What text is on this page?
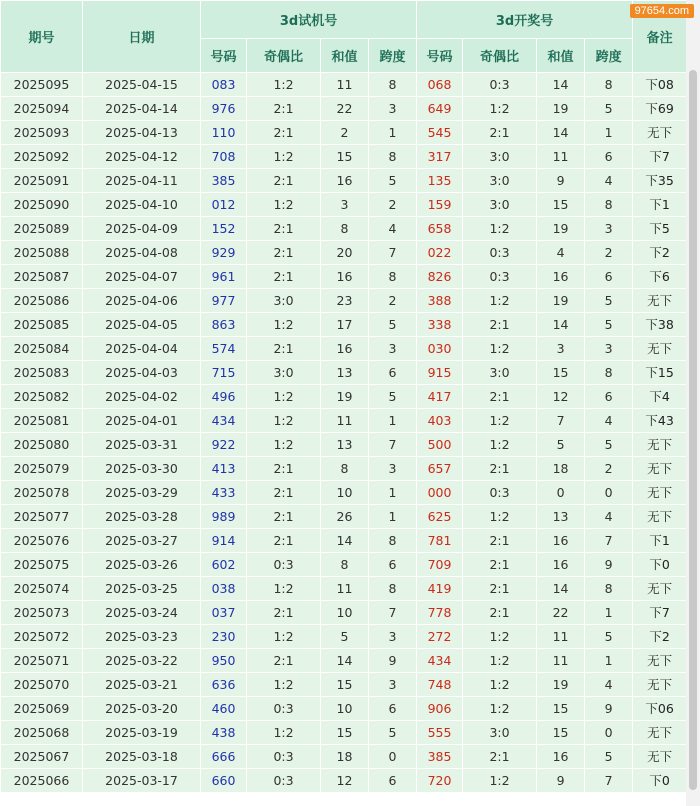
期号	日期	3d试机号				3d开奖号				备注
		号码	奇偶比	和值	跨度	号码	奇偶比	和值	跨度	
2025095	2025-04-15	083	1:2	11	8	068	0:3	14	8	下08
2025094	2025-04-14	976	2:1	22	3	649	1:2	19	5	下69
2025093	2025-04-13	110	2:1	2	1	545	2:1	14	1	无下
2025092	2025-04-12	708	1:2	15	8	317	3:0	11	6	下7
2025091	2025-04-11	385	2:1	16	5	135	3:0	9	4	下35
2025090	2025-04-10	012	1:2	3	2	159	3:0	15	8	下1
2025089	2025-04-09	152	2:1	8	4	658	1:2	19	3	下5
2025088	2025-04-08	929	2:1	20	7	022	0:3	4	2	下2
2025087	2025-04-07	961	2:1	16	8	826	0:3	16	6	下6
2025086	2025-04-06	977	3:0	23	2	388	1:2	19	5	无下
2025085	2025-04-05	863	1:2	17	5	338	2:1	14	5	下38
2025084	2025-04-04	574	2:1	16	3	030	1:2	3	3	无下
2025083	2025-04-03	715	3:0	13	6	915	3:0	15	8	下15
2025082	2025-04-02	496	1:2	19	5	417	2:1	12	6	下4
2025081	2025-04-01	434	1:2	11	1	403	1:2	7	4	下43
2025080	2025-03-31	922	1:2	13	7	500	1:2	5	5	无下
2025079	2025-03-30	413	2:1	8	3	657	2:1	18	2	无下
2025078	2025-03-29	433	2:1	10	1	000	0:3	0	0	无下
2025077	2025-03-28	989	2:1	26	1	625	1:2	13	4	无下
2025076	2025-03-27	914	2:1	14	8	781	2:1	16	7	下1
2025075	2025-03-26	602	0:3	8	6	709	2:1	16	9	下0
2025074	2025-03-25	038	1:2	11	8	419	2:1	14	8	无下
2025073	2025-03-24	037	2:1	10	7	778	2:1	22	1	下7
2025072	2025-03-23	230	1:2	5	3	272	1:2	11	5	下2
2025071	2025-03-22	950	2:1	14	9	434	1:2	11	1	无下
2025070	2025-03-21	636	1:2	15	3	748	1:2	19	4	无下
2025069	2025-03-20	460	0:3	10	6	906	1:2	15	9	下06
2025068	2025-03-19	438	1:2	15	5	555	3:0	15	0	无下
2025067	2025-03-18	666	0:3	18	0	385	2:1	16	5	无下
2025066	2025-03-17	660	0:3	12	6	720	1:2	9	7	下0
97654.com
